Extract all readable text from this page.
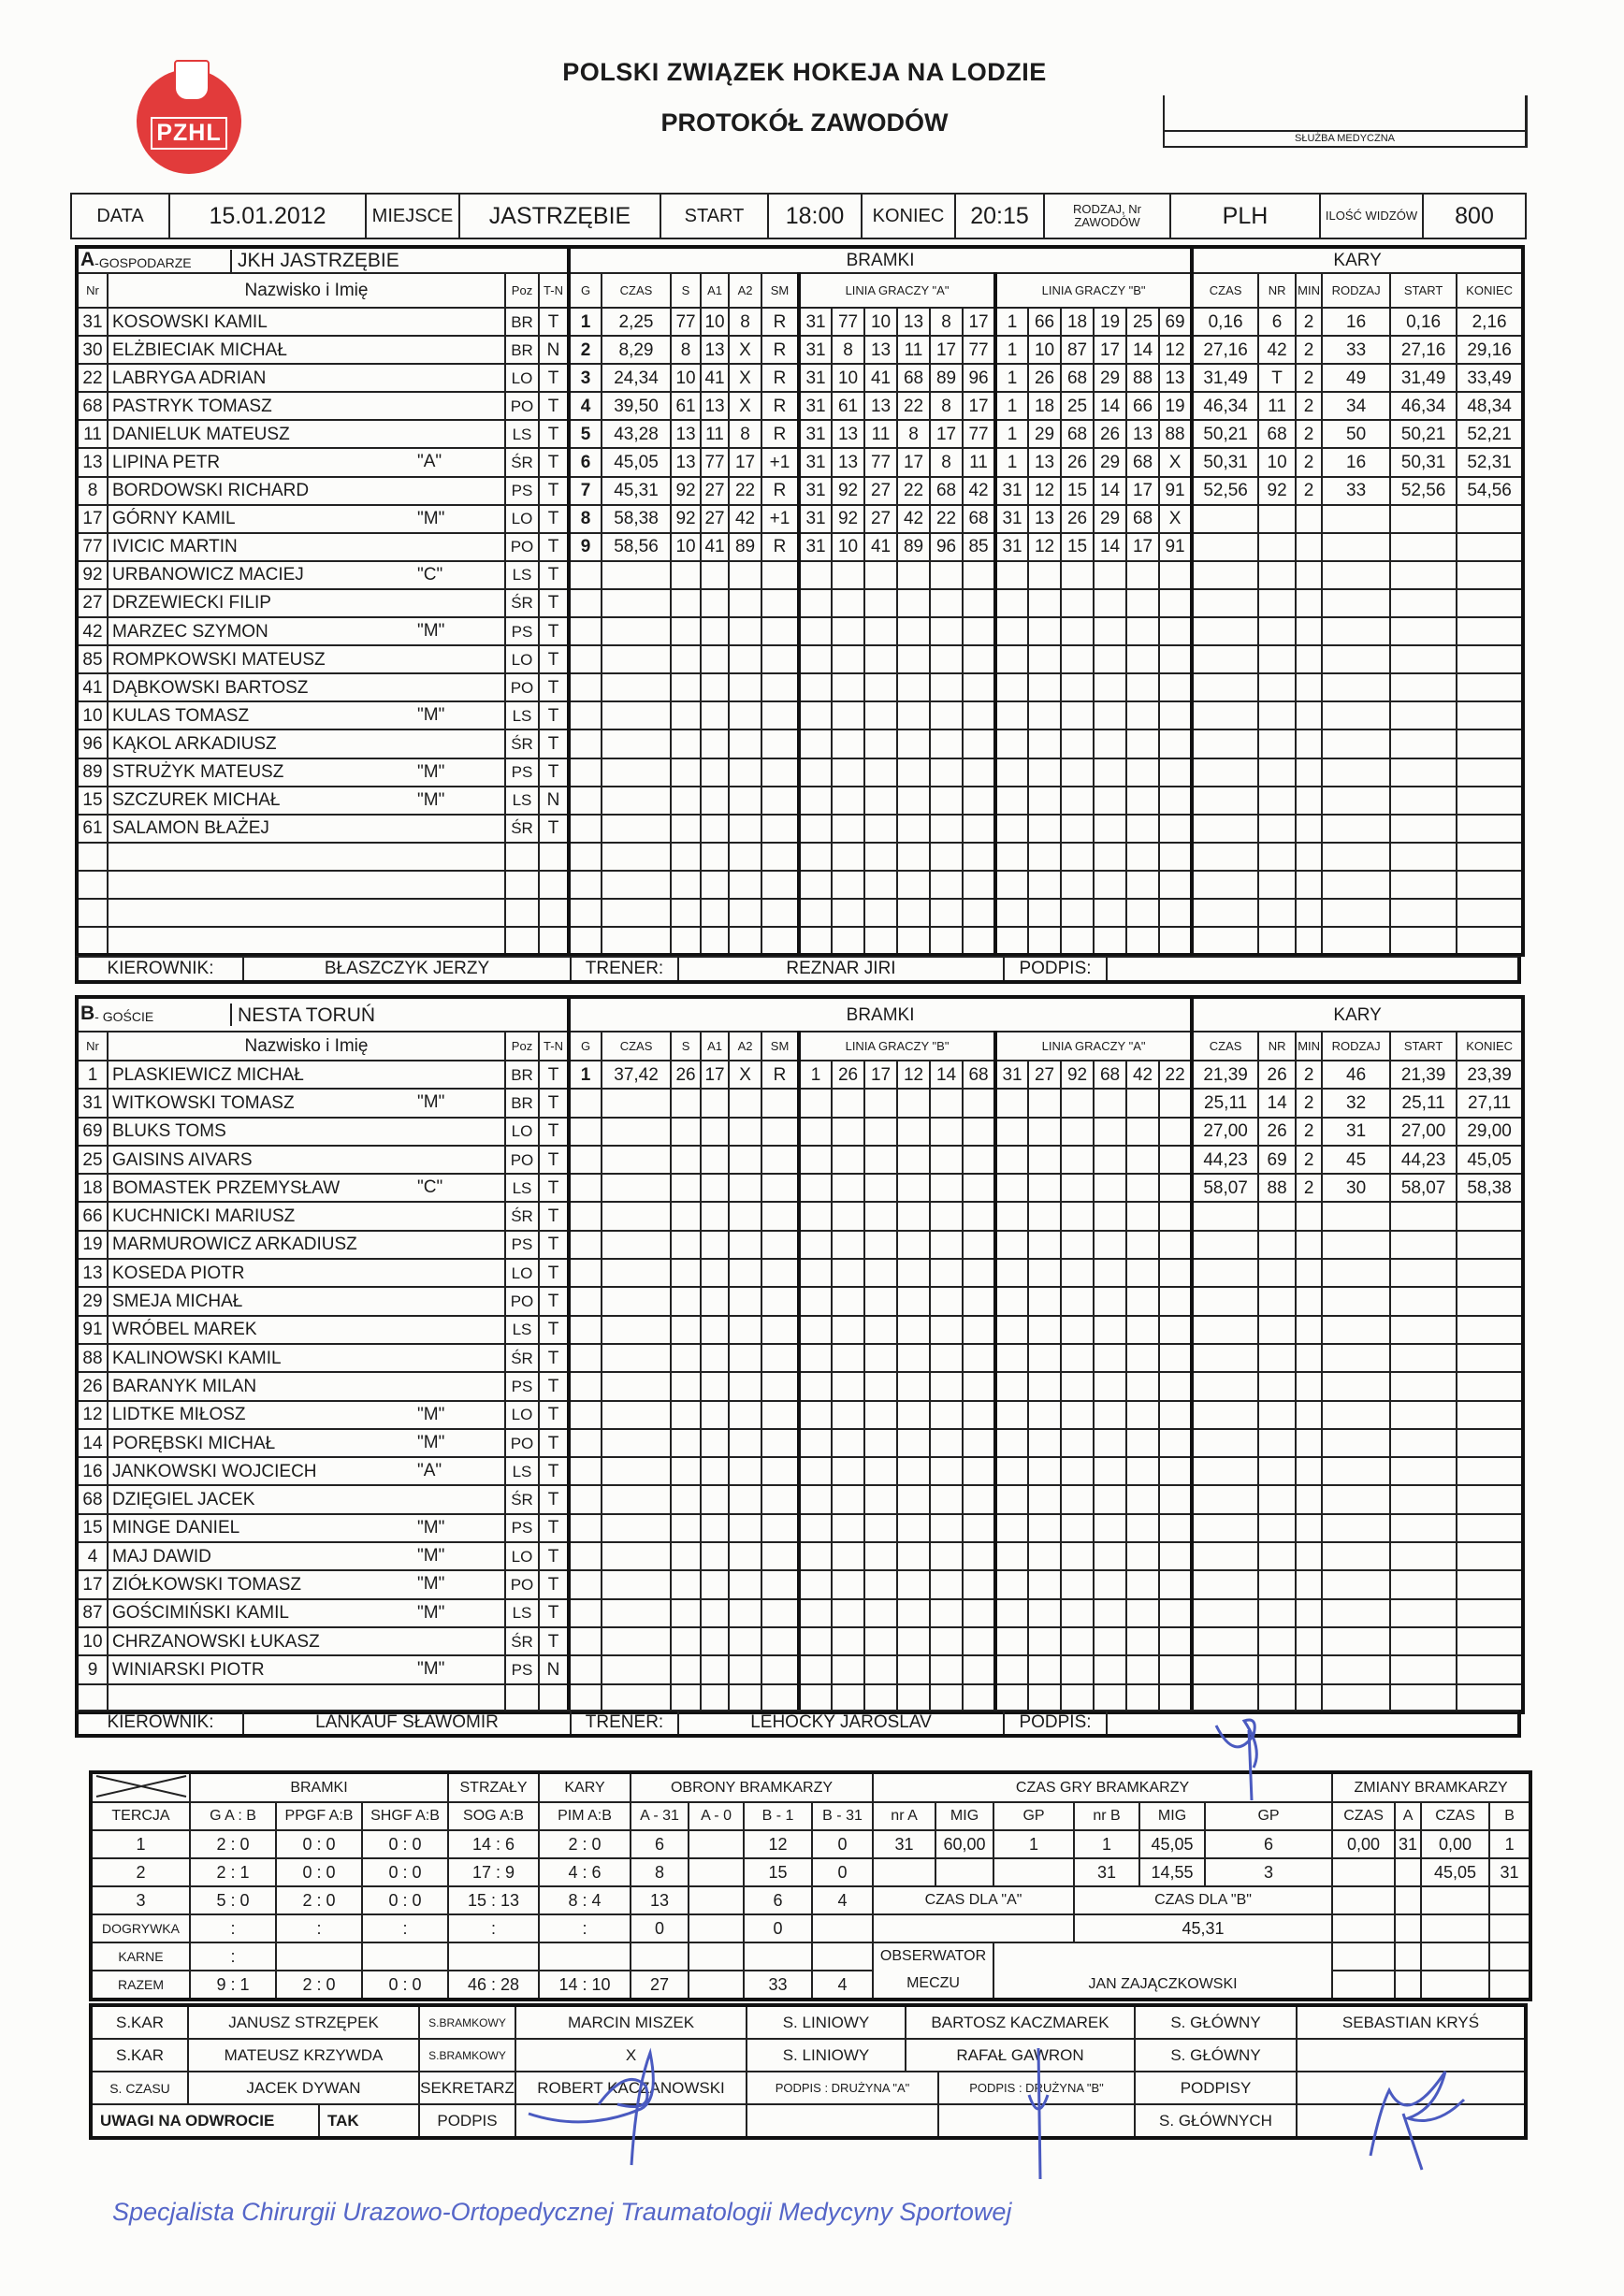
PZHL
POLSKI ZWIĄZEK HOKEJA NA LODZIE
PROTOKÓŁ ZAWODÓW
SŁUŻBA MEDYCZNA
DATA	15.01.2012	MIEJSCE	JASTRZĘBIE	START	18:00	KONIEC	20:15	RODZAJ, Nr ZAWODÓW	PLH	ILOŚĆ WIDZÓW	800
A -GOSPODARZE JKH JASTRZĘBIE				BRAMKI																		KARY					
Nr	Nazwisko i Imię	Poz	T-N	G	CZAS	S	A1	A2	SM	LINIA GRACZY "A"						LINIA GRACZY "B"						CZAS	NR	MIN	RODZAJ	START	KONIEC
31	KOSOWSKI KAMIL	BR	T	1	2,25	77	10	8	R	31	77	10	13	8	17	1	66	18	19	25	69	0,16	6	2	16	0,16	2,16
30	ELŻBIECIAK MICHAŁ	BR	N	2	8,29	8	13	X	R	31	8	13	11	17	77	1	10	87	17	14	12	27,16	42	2	33	27,16	29,16
22	LABRYGA ADRIAN	LO	T	3	24,34	10	41	X	R	31	10	41	68	89	96	1	26	68	29	88	13	31,49	T	2	49	31,49	33,49
68	PASTRYK TOMASZ	PO	T	4	39,50	61	13	X	R	31	61	13	22	8	17	1	18	25	14	66	19	46,34	11	2	34	46,34	48,34
11	DANIELUK MATEUSZ	LS	T	5	43,28	13	11	8	R	31	13	11	8	17	77	1	29	68	26	13	88	50,21	68	2	50	50,21	52,21
13	LIPINA PETR "A"	ŚR	T	6	45,05	13	77	17	+1	31	13	77	17	8	11	1	13	26	29	68	X	50,31	10	2	16	50,31	52,31
8	BORDOWSKI RICHARD	PS	T	7	45,31	92	27	22	R	31	92	27	22	68	42	31	12	15	14	17	91	52,56	92	2	33	52,56	54,56
17	GÓRNY KAMIL "M"	LO	T	8	58,38	92	27	42	+1	31	92	27	42	22	68	31	13	26	29	68	X						
77	IVICIC MARTIN	PO	T	9	58,56	10	41	89	R	31	10	41	89	96	85	31	12	15	14	17	91						
92	URBANOWICZ MACIEJ "C"	LS	T																								
27	DRZEWIECKI FILIP	ŚR	T																								
42	MARZEC SZYMON "M"	PS	T																								
85	ROMPKOWSKI MATEUSZ	LO	T																								
41	DĄBKOWSKI BARTOSZ	PO	T																								
10	KULAS TOMASZ "M"	LS	T																								
96	KĄKOL ARKADIUSZ	ŚR	T																								
89	STRUŻYK MATEUSZ "M"	PS	T																								
15	SZCZUREK MICHAŁ "M"	LS	N																								
61	SALAMON BŁAŻEJ	ŚR	T																								

KIEROWNIK:	BŁASZCZYK JERZY	TRENER:	REZNAR JIRI	PODPIS:
B - GOŚCIE NESTA TORUŃ				BRAMKI																		KARY					
Nr	Nazwisko i Imię	Poz	T-N	G	CZAS	S	A1	A2	SM	LINIA GRACZY "B"						LINIA GRACZY "A"						CZAS	NR	MIN	RODZAJ	START	KONIEC
1	PLASKIEWICZ MICHAŁ	BR	T	1	37,42	26	17	X	R	1	26	17	12	14	68	31	27	92	68	42	22	21,39	26	2	46	21,39	23,39
31	WITKOWSKI TOMASZ "M"	BR	T																			25,11	14	2	32	25,11	27,11
69	BLUKS TOMS	LO	T																			27,00	26	2	31	27,00	29,00
25	GAISINS AIVARS	PO	T																			44,23	69	2	45	44,23	45,05
18	BOMASTEK PRZEMYSŁAW "C"	LS	T																			58,07	88	2	30	58,07	58,38
66	KUCHNICKI MARIUSZ	ŚR	T																								
19	MARMUROWICZ ARKADIUSZ	PS	T																								
13	KOSEDA PIOTR	LO	T																								
29	SMEJA MICHAŁ	PO	T																								
91	WRÓBEL MAREK	LS	T																								
88	KALINOWSKI KAMIL	ŚR	T																								
26	BARANYK MILAN	PS	T																								
12	LIDTKE MIŁOSZ "M"	LO	T																								
14	PORĘBSKI MICHAŁ "M"	PO	T																								
16	JANKOWSKI WOJCIECH "A"	LS	T																								
68	DZIĘGIEL JACEK	ŚR	T																								
15	MINGE DANIEL "M"	PS	T																								
4	MAJ DAWID "M"	LO	T																								
17	ZIÓŁKOWSKI TOMASZ "M"	PO	T																								
87	GOŚCIMIŃSKI KAMIL "M"	LS	T																								
10	CHRZANOWSKI ŁUKASZ	ŚR	T																								
9	WINIARSKI PIOTR "M"	PS	N																								

KIEROWNIK:	LANKAUF SŁAWOMIR	TRENER:	LEHOCKY JAROSLAV	PODPIS:
	BRAMKI			STRZAŁY	KARY	OBRONY BRAMKARZY				CZAS GRY BRAMKARZY						ZMIANY BRAMKARZY			
TERCJA	G A : B	PPGF A:B	SHGF A:B	SOG A:B	PIM A:B	A - 31	A - 0	B - 1	B - 31	nr A	MIG	GP	nr B	MIG	GP	CZAS	A	CZAS	B
1	2 : 0	0 : 0	0 : 0	14 : 6	2 : 0	6		12	0	31	60,00	1	1	45,05	6	0,00	31	0,00	1
2	2 : 1	0 : 0	0 : 0	17 : 9	4 : 6	8		15	0				31	14,55	3			45,05	31
3	5 : 0	2 : 0	0 : 0	15 : 13	8 : 4	13		6	4	CZAS DLA "A"			CZAS DLA "B"						
DOGRYWKA	:	:	:	:	:	0		0					45,31						
KARNE	:									OBSERWATOR
MECZU		JAN ZAJĄCZKOWSKI							
RAZEM	9 : 1	2 : 0	0 : 0	46 : 28	14 : 10	27		33	4										
S.KAR	JANUSZ STRZĘPEK	S.BRAMKOWY	MARCIN MISZEK	S. LINIOWY	BARTOSZ KACZMAREK	S. GŁÓWNY	SEBASTIAN KRYŚ
S.KAR	MATEUSZ KRZYWDA	S.BRAMKOWY	X	S. LINIOWY	RAFAŁ GAWRON	S. GŁÓWNY
S. CZASU	JACEK DYWAN	SEKRETARZ	ROBERT KACZANOWSKI	PODPIS : DRUŻYNA "A"	PODPIS : DRUŻYNA "B"	PODPISY
UWAGI NA ODWROCIE	TAK	PODPIS	S. GŁÓWNYCH
Specjalista Chirurgii Urazowo-Ortopedycznej Traumatologii Medycyny Sportowej
